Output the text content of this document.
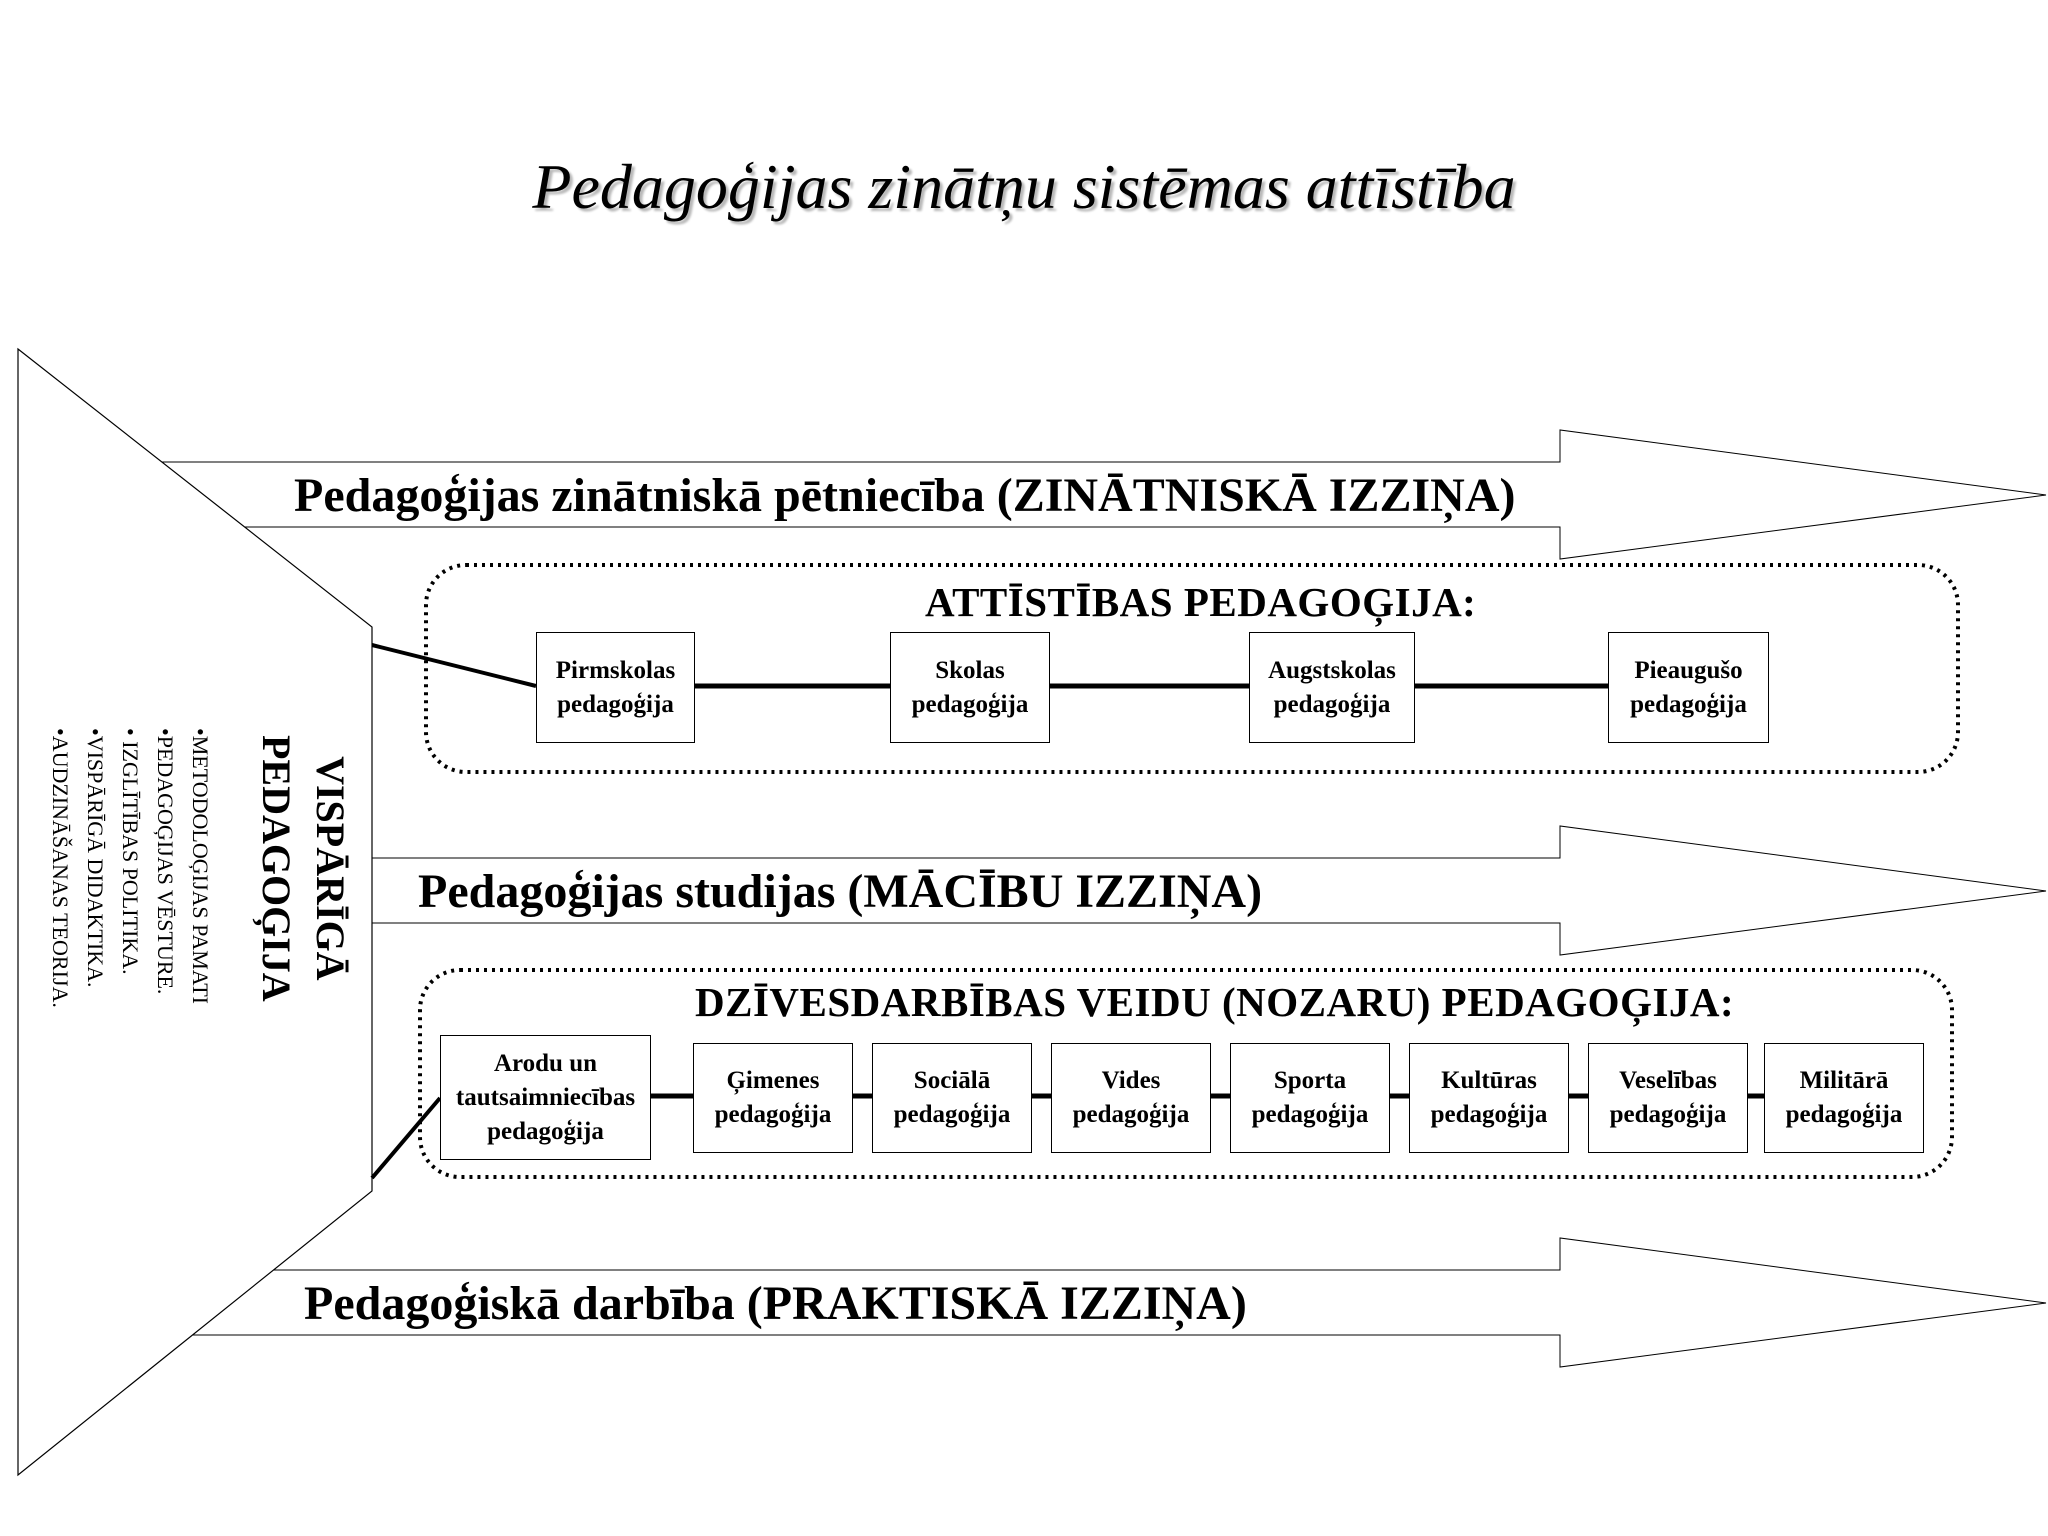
Pedagoģijas zinātņu sistēmas attīstība
Pedagoģijas zinātniskā pētniecība (ZINĀTNISKĀ IZZIŅA)
Pedagoģijas studijas (MĀCĪBU IZZIŅA)
Pedagoģiskā darbība (PRAKTISKĀ IZZIŅA)
ATTĪSTĪBAS PEDAGOĢIJA:
DZĪVESDARBĪBAS VEIDU (NOZARU) PEDAGOĢIJA:
Pirmskolas
pedagoģija
Skolas
pedagoģija
Augstskolas
pedagoģija
Pieaugušo
pedagoģija
Arodu un
tautsaimniecības
pedagoģija
Ģimenes
pedagoģija
Sociālā
pedagoģija
Vides
pedagoģija
Sporta
pedagoģija
Kultūras
pedagoģija
Veselības
pedagoģija
Militārā
pedagoģija
VISPĀRĪGĀ
PEDAGOĢIJA
•METODOLOĢIJAS PAMATI
•PEDAGOĢIJAS VĒSTURE.
• IZGLĪTĪBAS POLITIKA.
•VISPĀRĪGĀ DIDAKTIKA.
•AUDZINĀŠANAS TEORIJA.
